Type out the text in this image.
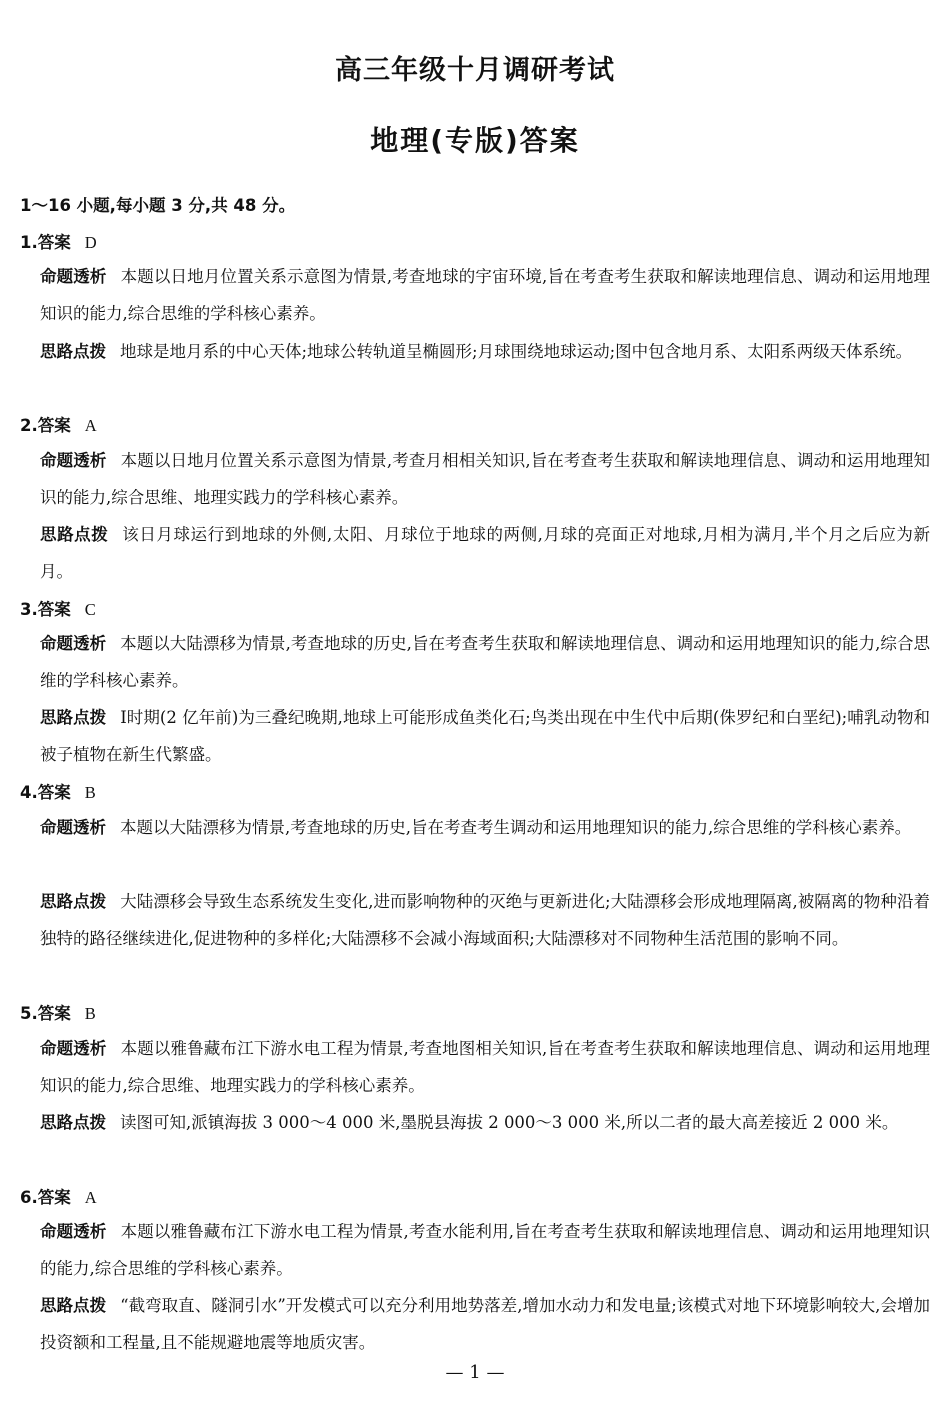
高三年级十月调研考试
地理(专版)答案
1～16 小题,每小题 3 分,共 48 分。
1.答案 D
命题透析 本题以日地月位置关系示意图为情景,考查地球的宇宙环境,旨在考查考生获取和解读地理信息、调动和运用地理知识的能力,综合思维的学科核心素养。
思路点拨 地球是地月系的中心天体;地球公转轨道呈椭圆形;月球围绕地球运动;图中包含地月系、太阳系两级天体系统。
2.答案 A
命题透析 本题以日地月位置关系示意图为情景,考查月相相关知识,旨在考查考生获取和解读地理信息、调动和运用地理知识的能力,综合思维、地理实践力的学科核心素养。
思路点拨 该日月球运行到地球的外侧,太阳、月球位于地球的两侧,月球的亮面正对地球,月相为满月,半个月之后应为新月。
3.答案 C
命题透析 本题以大陆漂移为情景,考查地球的历史,旨在考查考生获取和解读地理信息、调动和运用地理知识的能力,综合思维的学科核心素养。
思路点拨 Ⅰ时期(2 亿年前)为三叠纪晚期,地球上可能形成鱼类化石;鸟类出现在中生代中后期(侏罗纪和白垩纪);哺乳动物和被子植物在新生代繁盛。
4.答案 B
命题透析 本题以大陆漂移为情景,考查地球的历史,旨在考查考生调动和运用地理知识的能力,综合思维的学科核心素养。
思路点拨 大陆漂移会导致生态系统发生变化,进而影响物种的灭绝与更新进化;大陆漂移会形成地理隔离,被隔离的物种沿着独特的路径继续进化,促进物种的多样化;大陆漂移不会减小海域面积;大陆漂移对不同物种生活范围的影响不同。
5.答案 B
命题透析 本题以雅鲁藏布江下游水电工程为情景,考查地图相关知识,旨在考查考生获取和解读地理信息、调动和运用地理知识的能力,综合思维、地理实践力的学科核心素养。
思路点拨 读图可知,派镇海拔 3 000～4 000 米,墨脱县海拔 2 000～3 000 米,所以二者的最大高差接近 2 000 米。
6.答案 A
命题透析 本题以雅鲁藏布江下游水电工程为情景,考查水能利用,旨在考查考生获取和解读地理信息、调动和运用地理知识的能力,综合思维的学科核心素养。
思路点拨 “截弯取直、隧洞引水”开发模式可以充分利用地势落差,增加水动力和发电量;该模式对地下环境影响较大,会增加投资额和工程量,且不能规避地震等地质灾害。
— 1 —
